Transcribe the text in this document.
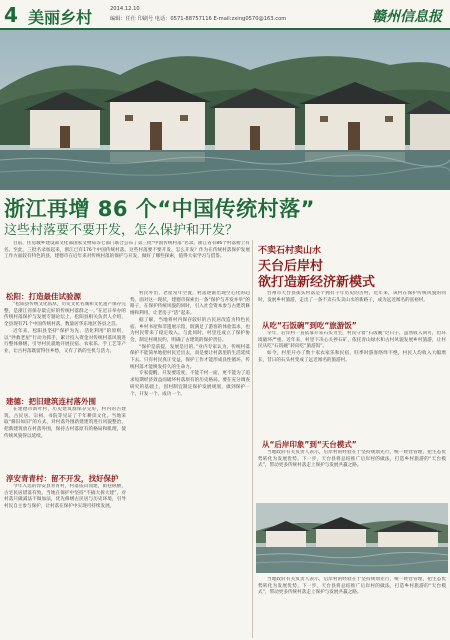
4 美丽乡村	2014.12.10
编辑：任仕 印刷号 电话：0571-88757116 E-mail:zxing0570@163.com	赣州信息报
浙江再增 86 个“中国传统村落”
这些村落要不要开发，怎么保护和开发？

目前，住房城乡建设部文化部国家文物局等七部门联合公布了第三批“中国传统村落”名录，浙江省有86个村落榜上有名。至此，三批名录加起来，浙江已有176个中国传统村落。这些村落要不要开发、怎么开发？作为在传统村落保护发展工作方面较有特色的县，建德市在近年来对传统村落的保护与开发，做好了哪些探索，值得大家学习与借鉴。

松阳：打造最佳试验源

“松阳县传统文化浓厚，历史文化名城和文化遗产保存完整，是浙江省保存最完好的传统村落群之一。”在近日举办的传统村落保护与发展专题论坛上，松阳县相关负责人介绍，全县现有71个中国传统村落，数量居华东地区各县之首。

近年来，松阳县坚持“保护为先、活化利用”的原则，以“拯救老屋”行动为抓手，累计投入资金对传统村落风貌进行整体修缮，引导村民就地开展民宿、农家乐、手工艺等产业，让古村落既留得住乡愁，又有了新的生机与活力。

建德：把旧建筑连村落外围

在建德市新叶村，历史建筑群保存完好，村内的古建筑、古民居、宗祠、书院等见证了千年耕读文化。当地采取“修旧如旧”的方式，对村落外围新建建筑进行风貌整治，把新建筑放在村落外围，保持古村落原有的格局和肌理，使传统风貌得以延续。

淳安青青村：留不开发，找好保护

今年入选的淳安县青青村，村落依山而建，街巷纵横，古宅民居错落有致。当地在保护中坚持“不搞大拆大建”，对村落只做减法不做加法，优先修缮古民居与历史环境，引导村民自主参与保护，让村落在保护中实现可持续发展。

村民外出，老屋常年空置，村落逐渐出现空心化的趋势。面对这一现状，建德市探索出一条“保护与开发并举”的路子，在保护传统风貌的同时，引入社会资本参与古建筑修缮和利用，让老房子“活”起来。

据了解，当地将村内保存较好的古民居改造为特色民宿、乡村书屋和非遗展示馆，既满足了游客的体验需求，也为村民带来了稳定收入。与此同时，村里还成立了保护协会，制定村规民约，明确了古建筑的保护责任。

“保护是前提，发展是目的。”业内专家认为，传统村落保护不能简单地把村民迁出去，而是要让村落里的生活延续下去。只有村民真正受益，保护工作才能形成良性循环，传统村落才能焕发持久的生命力。

专家提醒，开发要适度，不能千村一面，更不能为了追求短期经济效益而破坏村落原有的历史格局。要在充分调查研究的基础上，因村制宜制定保护发展规划，做到保护一个、开发一个、成功一个。

不卖石村卖山水
天台后岸村
欲打造新经济新模式

台州市天台县街头村落是个拥有千年历史的古村，近年来，该村在保护传统风貌的同时，发展乡村旅游，走出了一条不卖石头卖山水的新路子，成为远近闻名的富裕村。

从吃“石饭碗”到吃“旅游饭”

早年，后岸村一直依靠开采石头为生，村民守着“石饭碗”过日子，虽然收入尚可，但环境破坏严重。近年来，村里下决心关停石矿，依托青山绿水和古村风貌发展乡村旅游，让村民从吃“石饭碗”转向吃“旅游饭”。

如今，村里开办了数十家农家乐和民宿，旺季时游客络绎不绝，村民人均收入大幅增长，昔日的石头村变成了远近闻名的旅游村。

从“后岸印象”到“天台模式”

当地政府有关负责人表示，后岸村的经验在于坚持规划先行，统一经营管理，把生态优势转化为发展优势。下一步，天台县将总结推广后岸村的做法，打造乡村旅游的“天台模式”，带动更多传统村落走上保护与发展共赢之路。

当地政府有关负责人表示，后岸村的经验在于坚持规划先行，统一经营管理，把生态优势转化为发展优势。下一步，天台县将总结推广后岸村的做法，打造乡村旅游的“天台模式”，带动更多传统村落走上保护与发展共赢之路。
